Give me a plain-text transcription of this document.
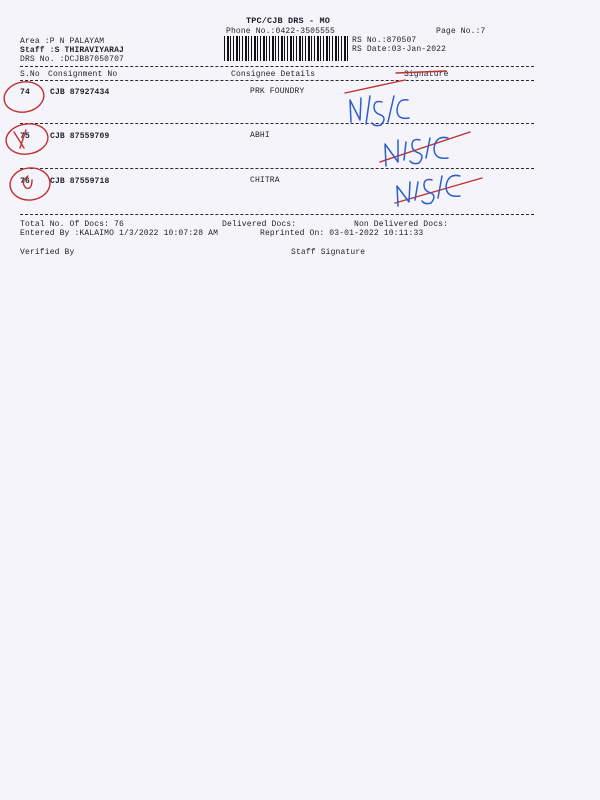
TPC/CJB DRS - MO
Phone No.:0422-3505555	Page No.:7
Area :P N PALAYAM
Staff :S THIRAVIYARAJ
DRS No. :DCJB87050707
RS No.:870507
RS Date:03-Jan-2022
S.No Consignment No	Consignee Details	Signature
74	CJB 87927434	PRK FOUNDRY
75	CJB 87559709	ABHI
76	CJB 87559718	CHITRA
Total No. Of Docs: 76	Delivered Docs:	Non Delivered Docs:
Entered By :KALAIMO 1/3/2022 10:07:28 AM	Reprinted On: 03-01-2022 10:11:33
Verified By	Staff Signature
